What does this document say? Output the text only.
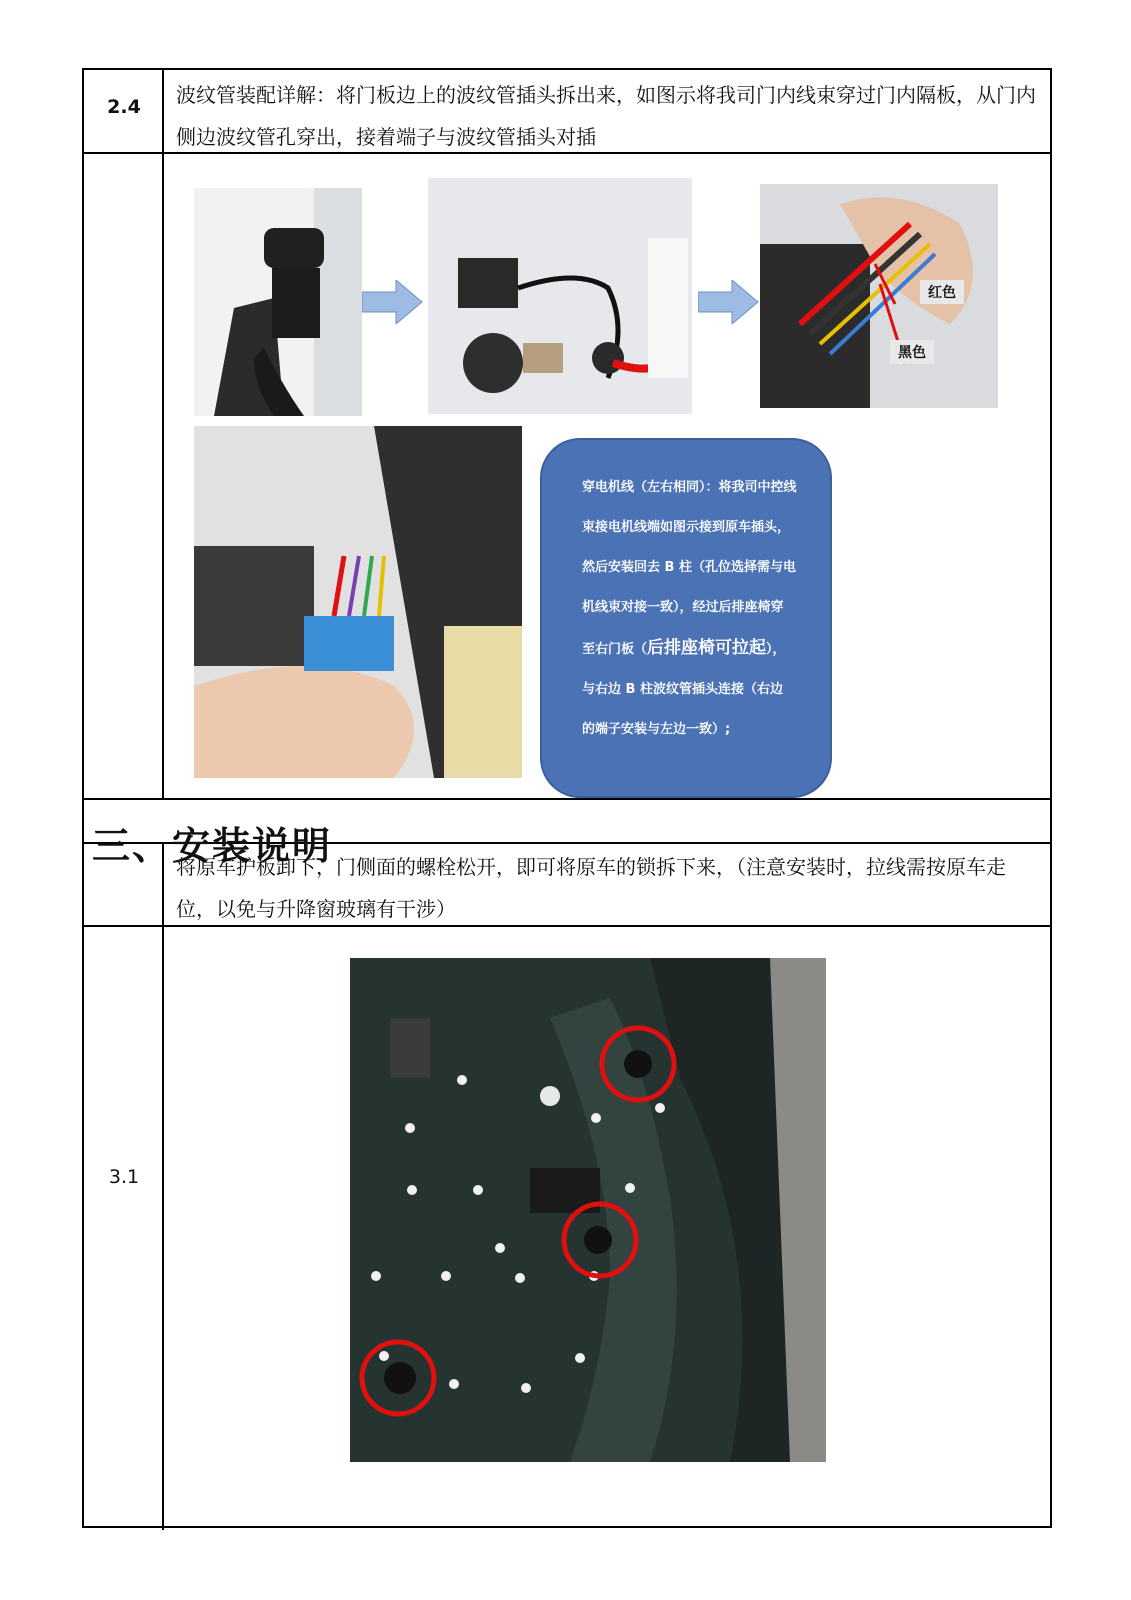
2.4	波纹管装配详解：将门板边上的波纹管插头拆出来，如图示将我司门内线束穿过门内隔板，从门内侧边波纹管孔穿出，接着端子与波纹管插头对插
红色
黑色
穿电机线（左右相同）：将我司中控线
束接电机线端如图示接到原车插头，
然后安装回去 B 柱（孔位选择需与电
机线束对接一致），经过后排座椅穿
至右门板（后排座椅可拉起），
与右边 B 柱波纹管插头连接（右边
的端子安装与左边一致）;
三、安装说明
将原车护板卸下，门侧面的螺栓松开，即可将原车的锁拆下来，（注意安装时，拉线需按原车走位，以免与升降窗玻璃有干涉）
3.1
